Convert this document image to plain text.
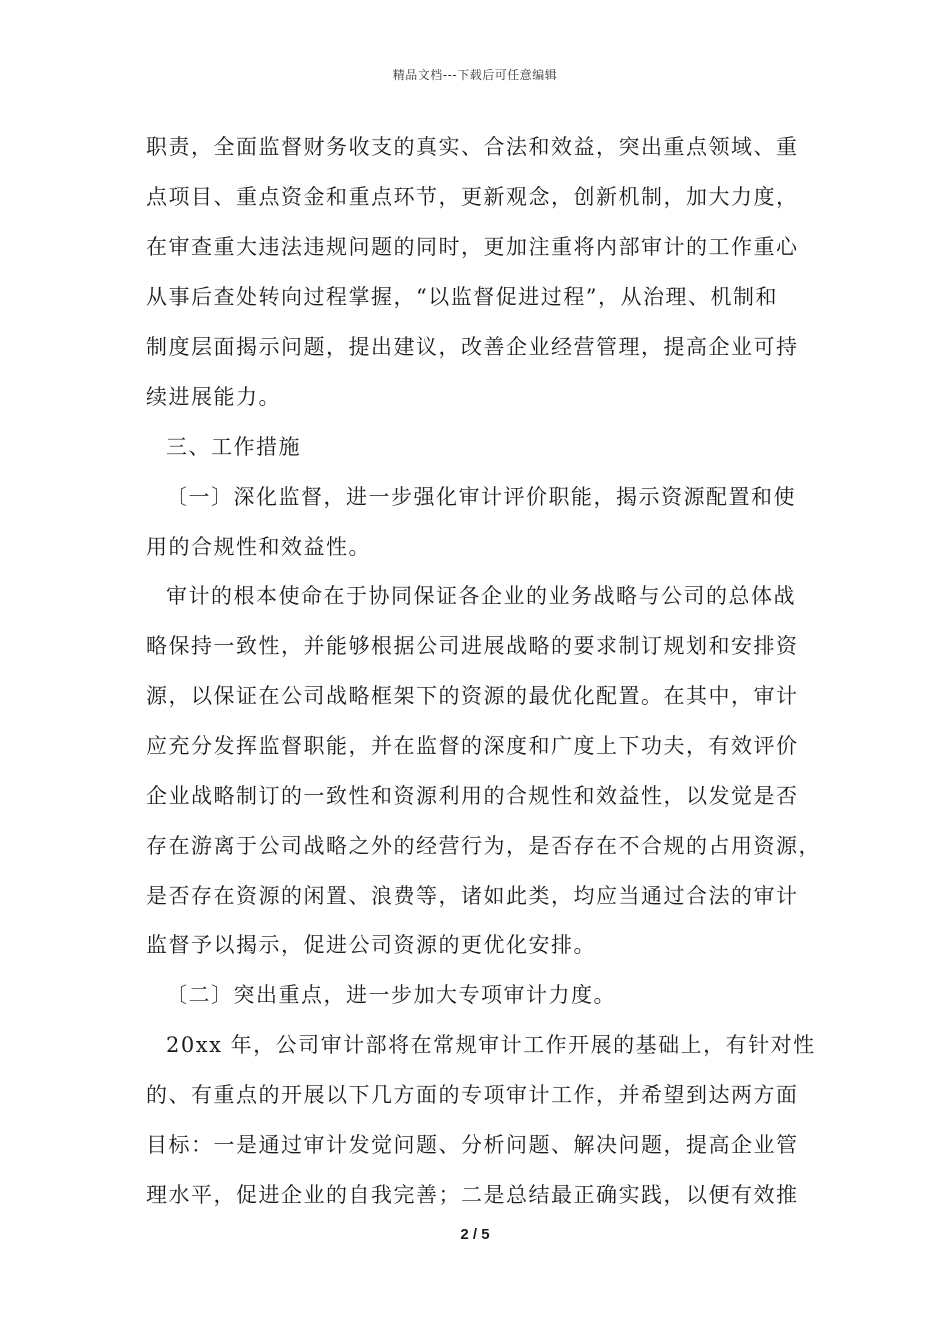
精品文档---下载后可任意编辑
职责，全面监督财务收支的真实、合法和效益，突出重点领域、重
点项目、重点资金和重点环节，更新观念，创新机制，加大力度，
在审查重大违法违规问题的同时，更加注重将内部审计的工作重心
从事后查处转向过程掌握，“以监督促进过程”，从治理、机制和
制度层面揭示问题，提出建议，改善企业经营管理，提高企业可持
续进展能力。
三、工作措施
〔一〕深化监督，进一步强化审计评价职能，揭示资源配置和使
用的合规性和效益性。
审计的根本使命在于协同保证各企业的业务战略与公司的总体战
略保持一致性，并能够根据公司进展战略的要求制订规划和安排资
源，以保证在公司战略框架下的资源的最优化配置。在其中，审计
应充分发挥监督职能，并在监督的深度和广度上下功夫，有效评价
企业战略制订的一致性和资源利用的合规性和效益性，以发觉是否
存在游离于公司战略之外的经营行为，是否存在不合规的占用资源，
是否存在资源的闲置、浪费等，诸如此类，均应当通过合法的审计
监督予以揭示，促进公司资源的更优化安排。
〔二〕突出重点，进一步加大专项审计力度。
20xx 年，公司审计部将在常规审计工作开展的基础上，有针对性
的、有重点的开展以下几方面的专项审计工作，并希望到达两方面
目标：一是通过审计发觉问题、分析问题、解决问题，提高企业管
理水平，促进企业的自我完善；二是总结最正确实践，以便有效推
2 / 5
